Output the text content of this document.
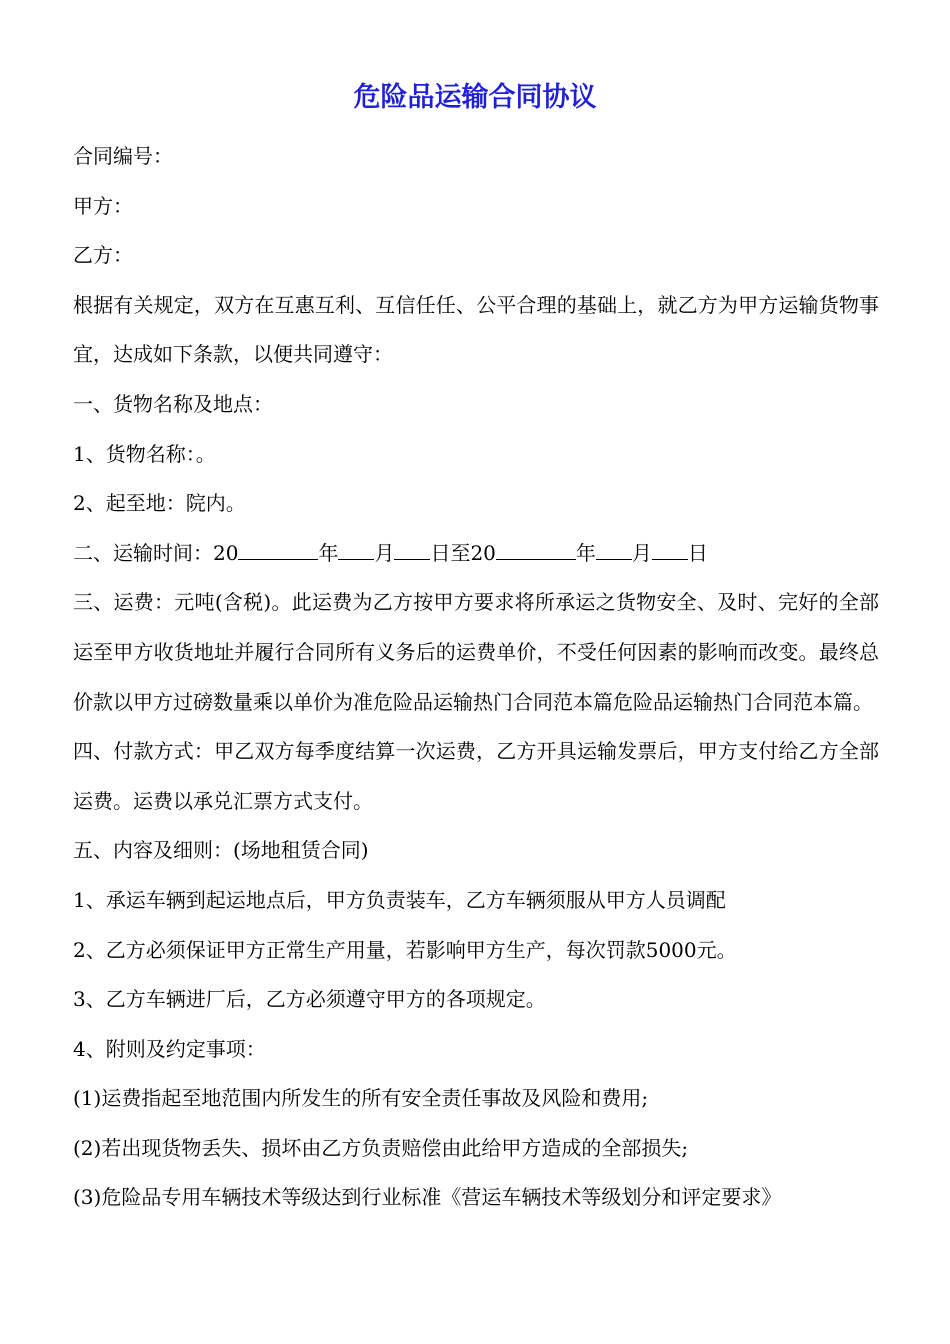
危险品运输合同协议

合同编号：

甲方：

乙方：

根据有关规定，双方在互惠互利、互信任任、公平合理的基础上，就乙方为甲方运输货物事宜，达成如下条款，以便共同遵守：

一、货物名称及地点：

1、货物名称：。

2、起至地：院内。

二、运输时间：20	年 月 日至20	年 月 日

三、运费：元吨(含税)。此运费为乙方按甲方要求将所承运之货物安全、及时、完好的全部运至甲方收货地址并履行合同所有义务后的运费单价，不受任何因素的影响而改变。最终总价款以甲方过磅数量乘以单价为准危险品运输热门合同范本篇危险品运输热门合同范本篇。

四、付款方式：甲乙双方每季度结算一次运费，乙方开具运输发票后，甲方支付给乙方全部运费。运费以承兑汇票方式支付。

五、内容及细则：(场地租赁合同)

1、承运车辆到起运地点后，甲方负责装车，乙方车辆须服从甲方人员调配

2、乙方必须保证甲方正常生产用量，若影响甲方生产，每次罚款5000元。

3、乙方车辆进厂后，乙方必须遵守甲方的各项规定。

4、附则及约定事项：

(1)运费指起至地范围内所发生的所有安全责任事故及风险和费用;

(2)若出现货物丢失、损坏由乙方负责赔偿由此给甲方造成的全部损失;

(3)危险品专用车辆技术等级达到行业标准《营运车辆技术等级划分和评定要求》
